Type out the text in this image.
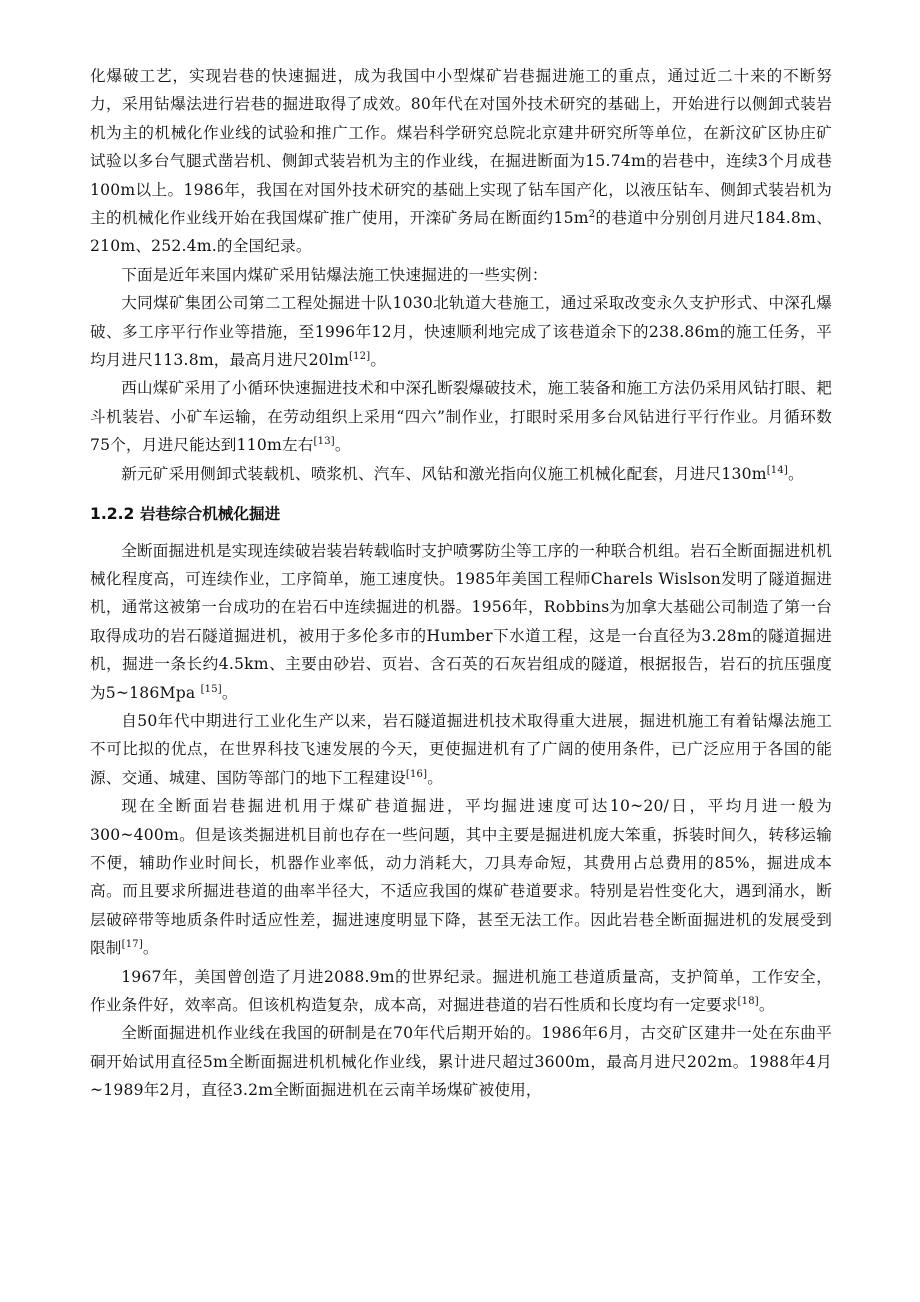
化爆破工艺，实现岩巷的快速掘进，成为我国中小型煤矿岩巷掘进施工的重点，通过近二十来的不断努力，采用钻爆法进行岩巷的掘进取得了成效。80年代在对国外技术研究的基础上，开始进行以侧卸式装岩机为主的机械化作业线的试验和推广工作。煤岩科学研究总院北京建井研究所等单位，在新汶矿区协庄矿试验以多台气腿式凿岩机、侧卸式装岩机为主的作业线，在掘进断面为15.74m的岩巷中，连续3个月成巷100m以上。1986年，我国在对国外技术研究的基础上实现了钻车国产化，以液压钻车、侧卸式装岩机为主的机械化作业线开始在我国煤矿推广使用，开滦矿务局在断面约$15m^2$的巷道中分别创月进尺184.8m、210m、252.4m.的全国纪录。

下面是近年来国内煤矿采用钻爆法施工快速掘进的一些实例：

大同煤矿集团公司第二工程处掘进十队1030北轨道大巷施工，通过采取改变永久支护形式、中深孔爆破、多工序平行作业等措施，至1996年12月，快速顺利地完成了该巷道余下的238.86m的施工任务，平均月进尺113.8m，最高月进尺20lm[12]。

西山煤矿采用了小循环快速掘进技术和中深孔断裂爆破技术，施工装备和施工方法仍采用风钻打眼、耙斗机装岩、小矿车运输，在劳动组织上采用“四六”制作业，打眼时采用多台风钻进行平行作业。月循环数75个，月进尺能达到110m左右[13]。

新元矿采用侧卸式装载机、喷浆机、汽车、风钻和激光指向仪施工机械化配套，月进尺130m[14]。

1.2.2 岩巷综合机械化掘进

全断面掘进机是实现连续破岩装岩转载临时支护喷雾防尘等工序的一种联合机组。岩石全断面掘进机机械化程度高，可连续作业，工序简单，施工速度快。1985年美国工程师Charels Wislson发明了隧道掘进机，通常这被第一台成功的在岩石中连续掘进的机器。1956年，Robbins为加拿大基础公司制造了第一台取得成功的岩石隧道掘进机，被用于多伦多市的Humber下水道工程，这是一台直径为3.28m的隧道掘进机，掘进一条长约4.5km、主要由砂岩、页岩、含石英的石灰岩组成的隧道，根据报告，岩石的抗压强度为5~186Mpa [15]。

自50年代中期进行工业化生产以来，岩石隧道掘进机技术取得重大进展，掘进机施工有着钻爆法施工不可比拟的优点，在世界科技飞速发展的今天，更使掘进机有了广阔的使用条件，已广泛应用于各国的能源、交通、城建、国防等部门的地下工程建设[16]。

现在全断面岩巷掘进机用于煤矿巷道掘进，平均掘进速度可达10~20/日，平均月进一般为300~400m。但是该类掘进机目前也存在一些问题，其中主要是掘进机庞大笨重，拆装时间久，转移运输不便，辅助作业时间长，机器作业率低，动力消耗大，刀具寿命短，其费用占总费用的85%，掘进成本高。而且要求所掘进巷道的曲率半径大，不适应我国的煤矿巷道要求。特别是岩性变化大，遇到涌水，断层破碎带等地质条件时适应性差，掘进速度明显下降，甚至无法工作。因此岩巷全断面掘进机的发展受到限制[17]。

1967年，美国曾创造了月进2088.9m的世界纪录。掘进机施工巷道质量高，支护简单，工作安全，作业条件好，效率高。但该机构造复杂，成本高，对掘进巷道的岩石性质和长度均有一定要求[18]。

全断面掘进机作业线在我国的研制是在70年代后期开始的。1986年6月，古交矿区建井一处在东曲平硐开始试用直径5m全断面掘进机机械化作业线，累计进尺超过3600m，最高月进尺202m。1988年4月~1989年2月，直径3.2m全断面掘进机在云南羊场煤矿被使用，
